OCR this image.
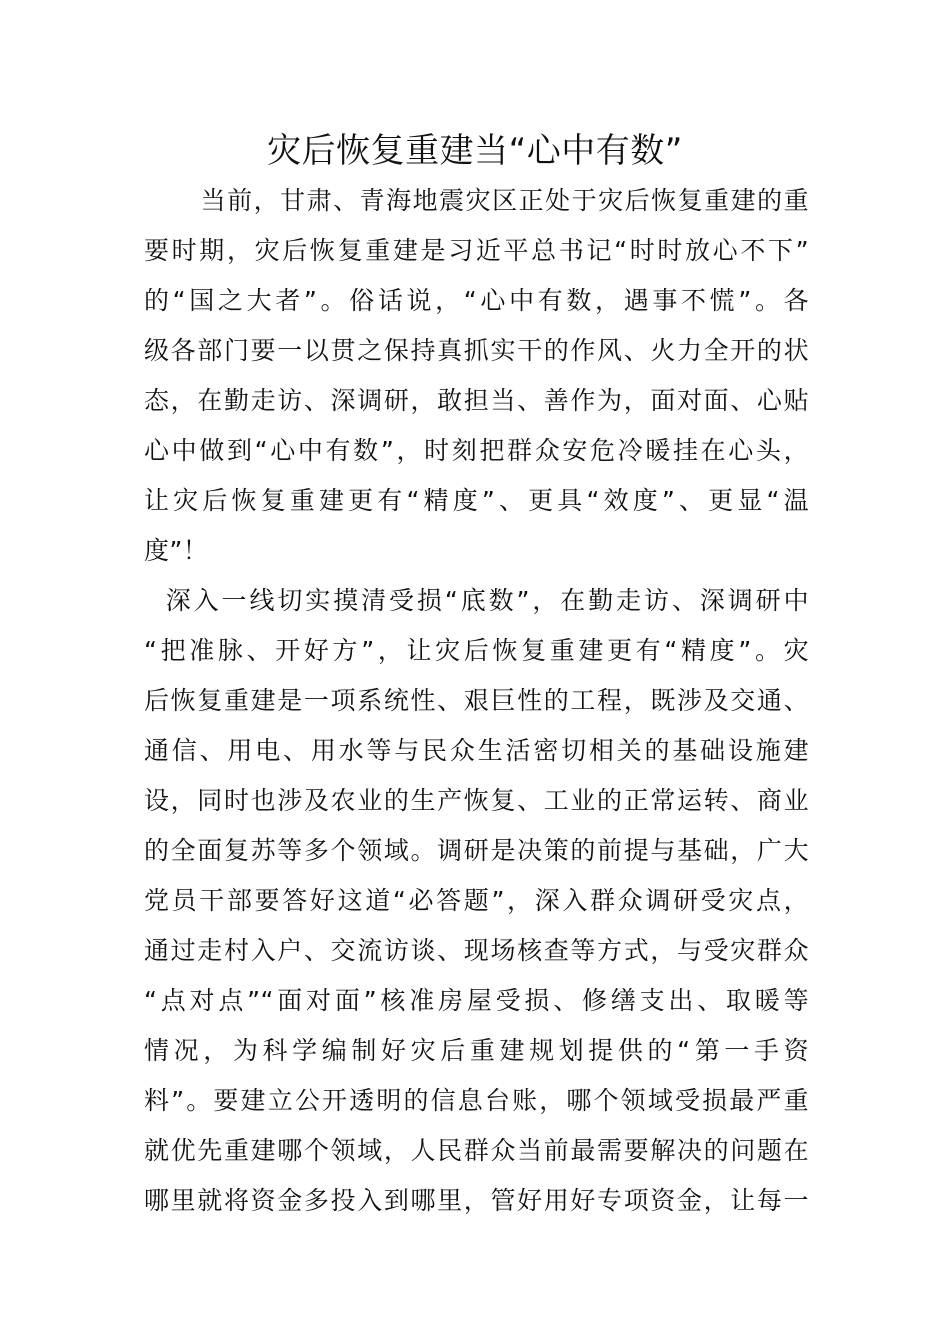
灾后恢复重建当“心中有数”
当前，甘肃、青海地震灾区正处于灾后恢复重建的重
要时期，灾后恢复重建是习近平总书记“时时放心不下”
的“国之大者”。俗话说，“心中有数，遇事不慌”。各
级各部门要一以贯之保持真抓实干的作风、火力全开的状
态，在勤走访、深调研，敢担当、善作为，面对面、心贴
心中做到“心中有数”，时刻把群众安危冷暖挂在心头，
让灾后恢复重建更有“精度”、更具“效度”、更显“温
度”！
深入一线切实摸清受损“底数”，在勤走访、深调研中
“把准脉、开好方”，让灾后恢复重建更有“精度”。灾
后恢复重建是一项系统性、艰巨性的工程，既涉及交通、
通信、用电、用水等与民众生活密切相关的基础设施建
设，同时也涉及农业的生产恢复、工业的正常运转、商业
的全面复苏等多个领域。调研是决策的前提与基础，广大
党员干部要答好这道“必答题”，深入群众调研受灾点，
通过走村入户、交流访谈、现场核查等方式，与受灾群众
“点对点”“面对面”核准房屋受损、修缮支出、取暖等
情况，为科学编制好灾后重建规划提供的“第一手资
料”。要建立公开透明的信息台账，哪个领域受损最严重
就优先重建哪个领域，人民群众当前最需要解决的问题在
哪里就将资金多投入到哪里，管好用好专项资金，让每一
